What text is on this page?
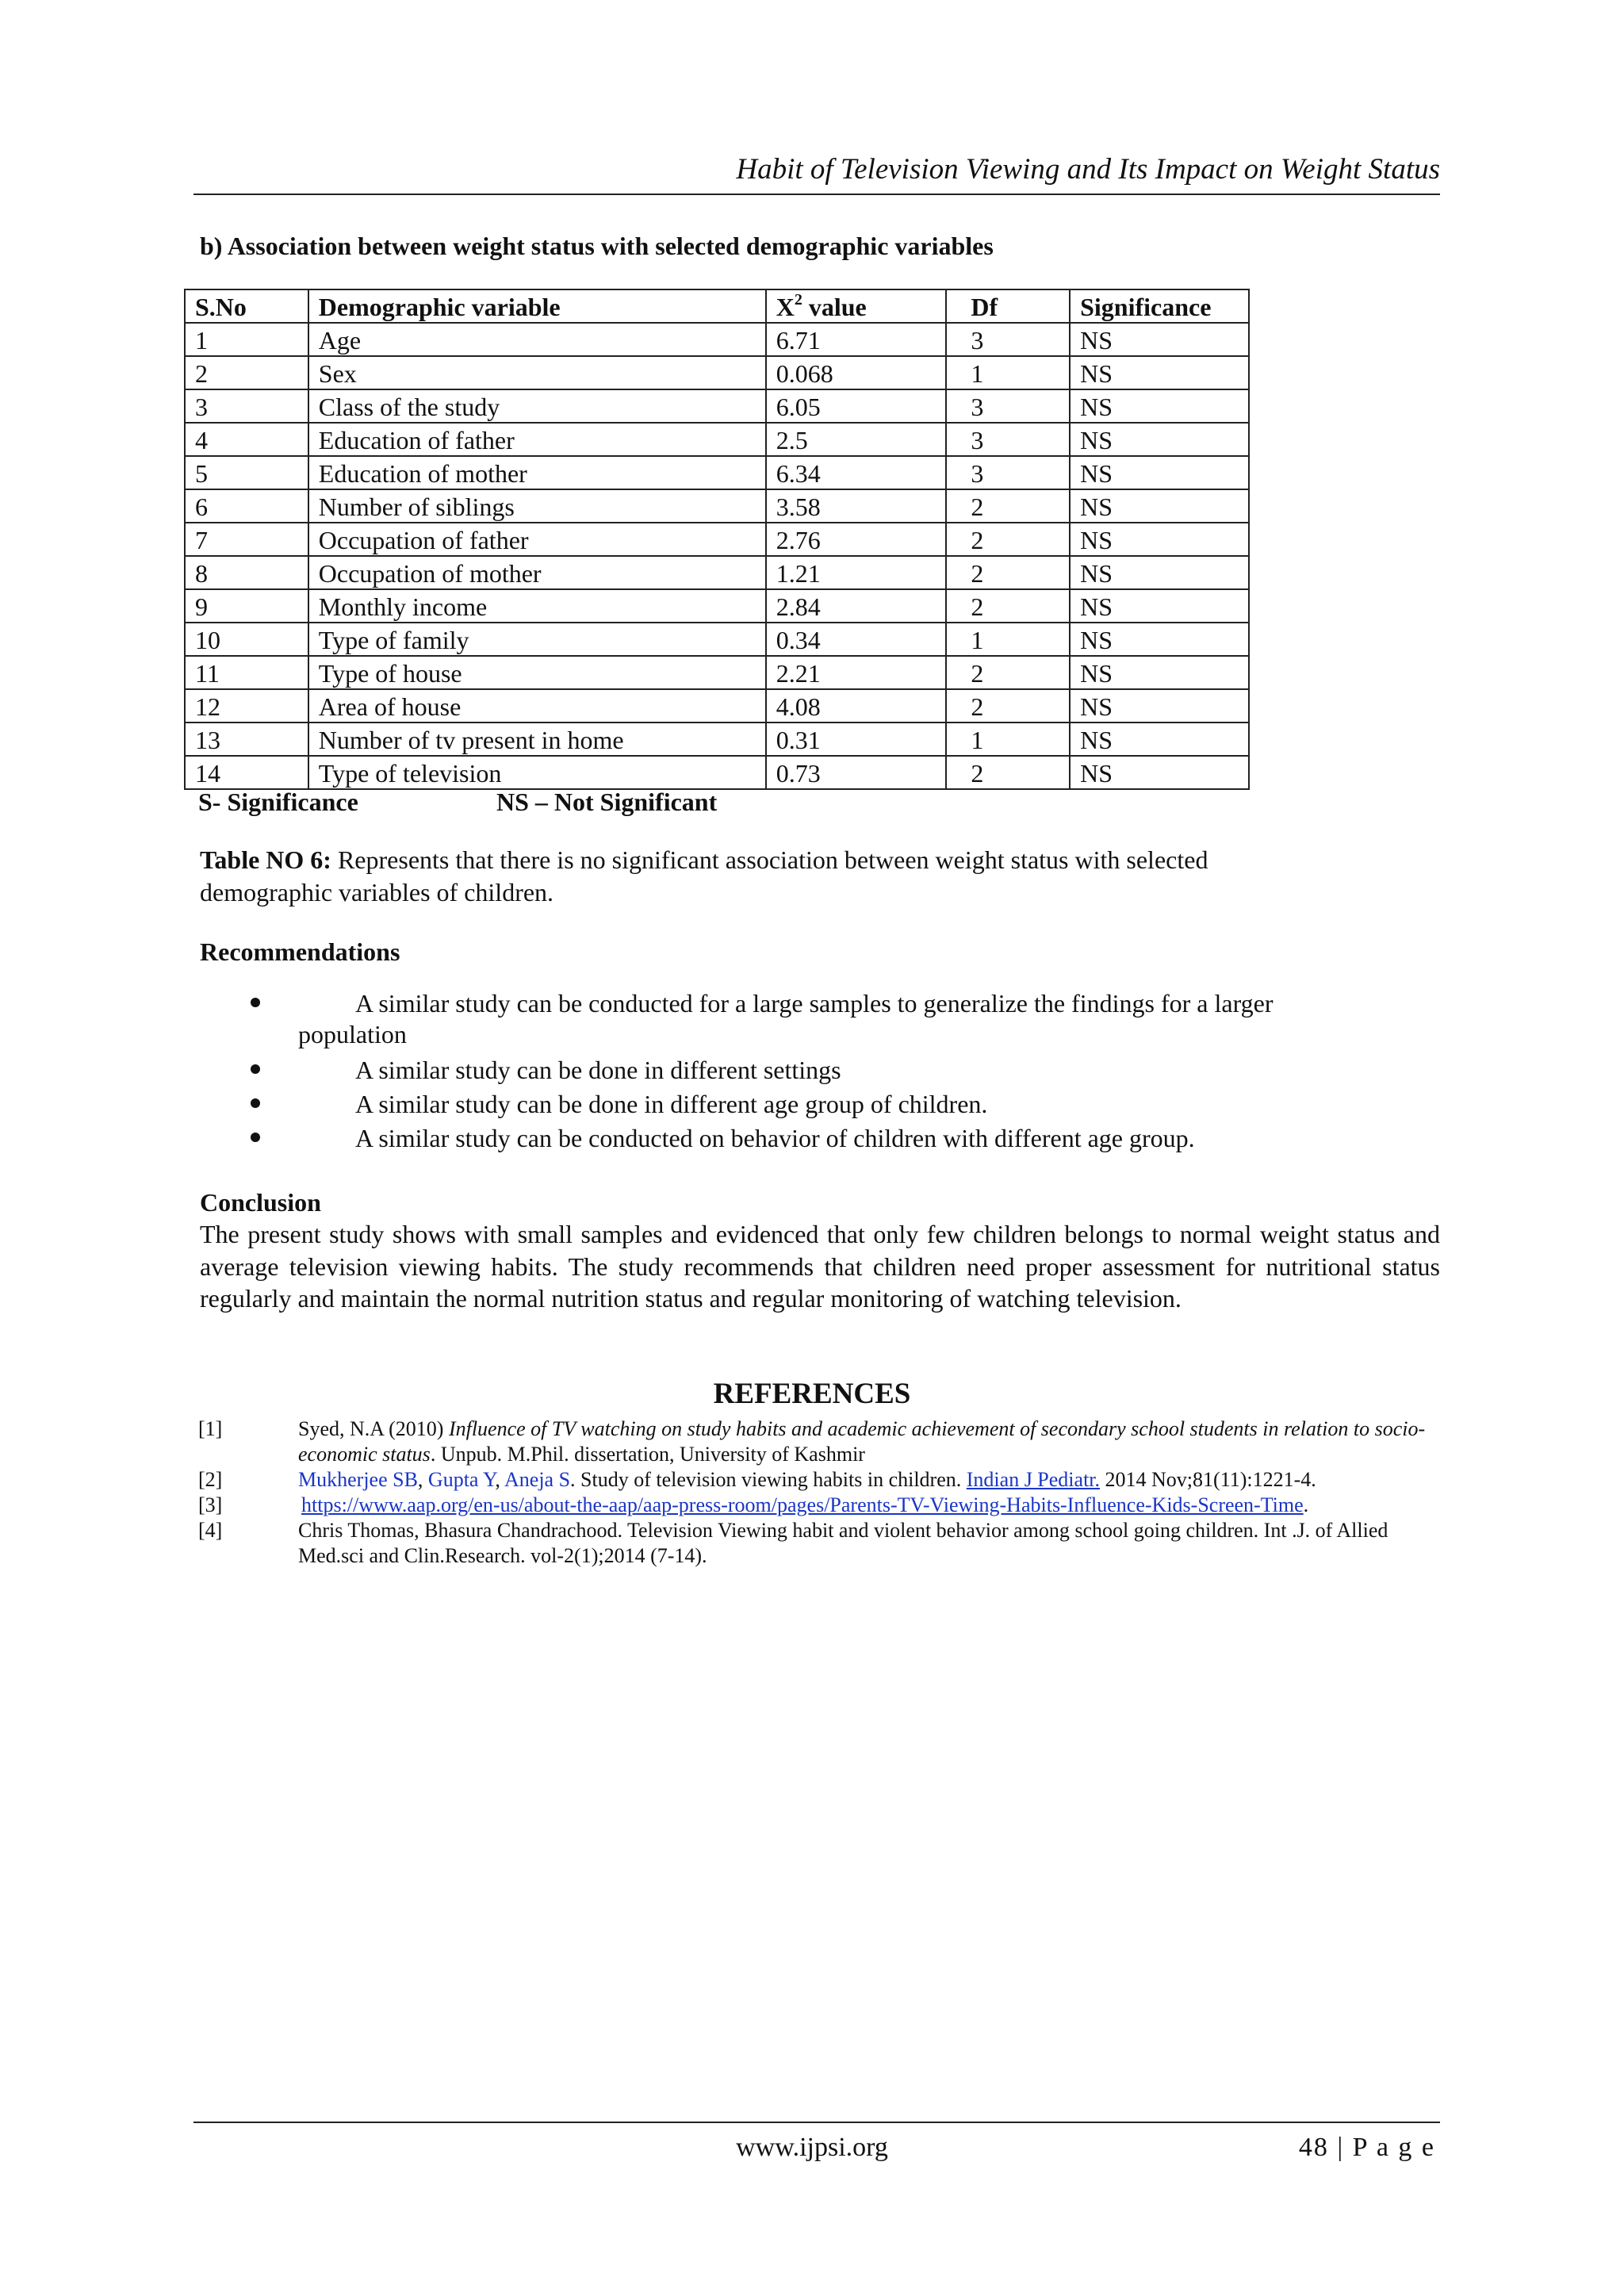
Habit of Television Viewing and Its Impact on Weight Status
b) Association between weight status with selected demographic variables
S.No	Demographic variable	$X^2$ value	Df	Significance
1	Age	6.71	3	NS
2	Sex	0.068	1	NS
3	Class of the study	6.05	3	NS
4	Education of father	2.5	3	NS
5	Education of mother	6.34	3	NS
6	Number of siblings	3.58	2	NS
7	Occupation of father	2.76	2	NS
8	Occupation of mother	1.21	2	NS
9	Monthly income	2.84	2	NS
10	Type of family	0.34	1	NS
11	Type of house	2.21	2	NS
12	Area of house	4.08	2	NS
13	Number of tv present in home	0.31	1	NS
14	Type of television	0.73	2	NS
S- Significance	NS – Not Significant
Table NO 6: Represents that there is no significant association between weight status with selected demographic variables of children.
Recommendations
A similar study can be conducted for a large samples to generalize the findings for a larger
population
A similar study can be done in different settings
A similar study can be done in different age group of children.
A similar study can be conducted on behavior of children with different age group.
Conclusion
The present study shows with small samples and evidenced that only few children belongs to normal weight status and average television viewing habits. The study recommends that children need proper assessment for nutritional status regularly and maintain the normal nutrition status and regular monitoring of watching television.
REFERENCES
[1]	Syed, N.A (2010) Influence of TV watching on study habits and academic achievement of secondary school students in relation to socio-economic status. Unpub. M.Phil. dissertation, University of Kashmir
[2]	Mukherjee SB, Gupta Y, Aneja S. Study of television viewing habits in children. Indian J Pediatr. 2014 Nov;81(11):1221-4.
[3]	https://www.aap.org/en-us/about-the-aap/aap-press-room/pages/Parents-TV-Viewing-Habits-Influence-Kids-Screen-Time.
[4]	Chris Thomas, Bhasura Chandrachood. Television Viewing habit and violent behavior among school going children. Int .J. of Allied Med.sci and Clin.Research. vol-2(1);2014 (7-14).
www.ijpsi.org	48 | P a g e
